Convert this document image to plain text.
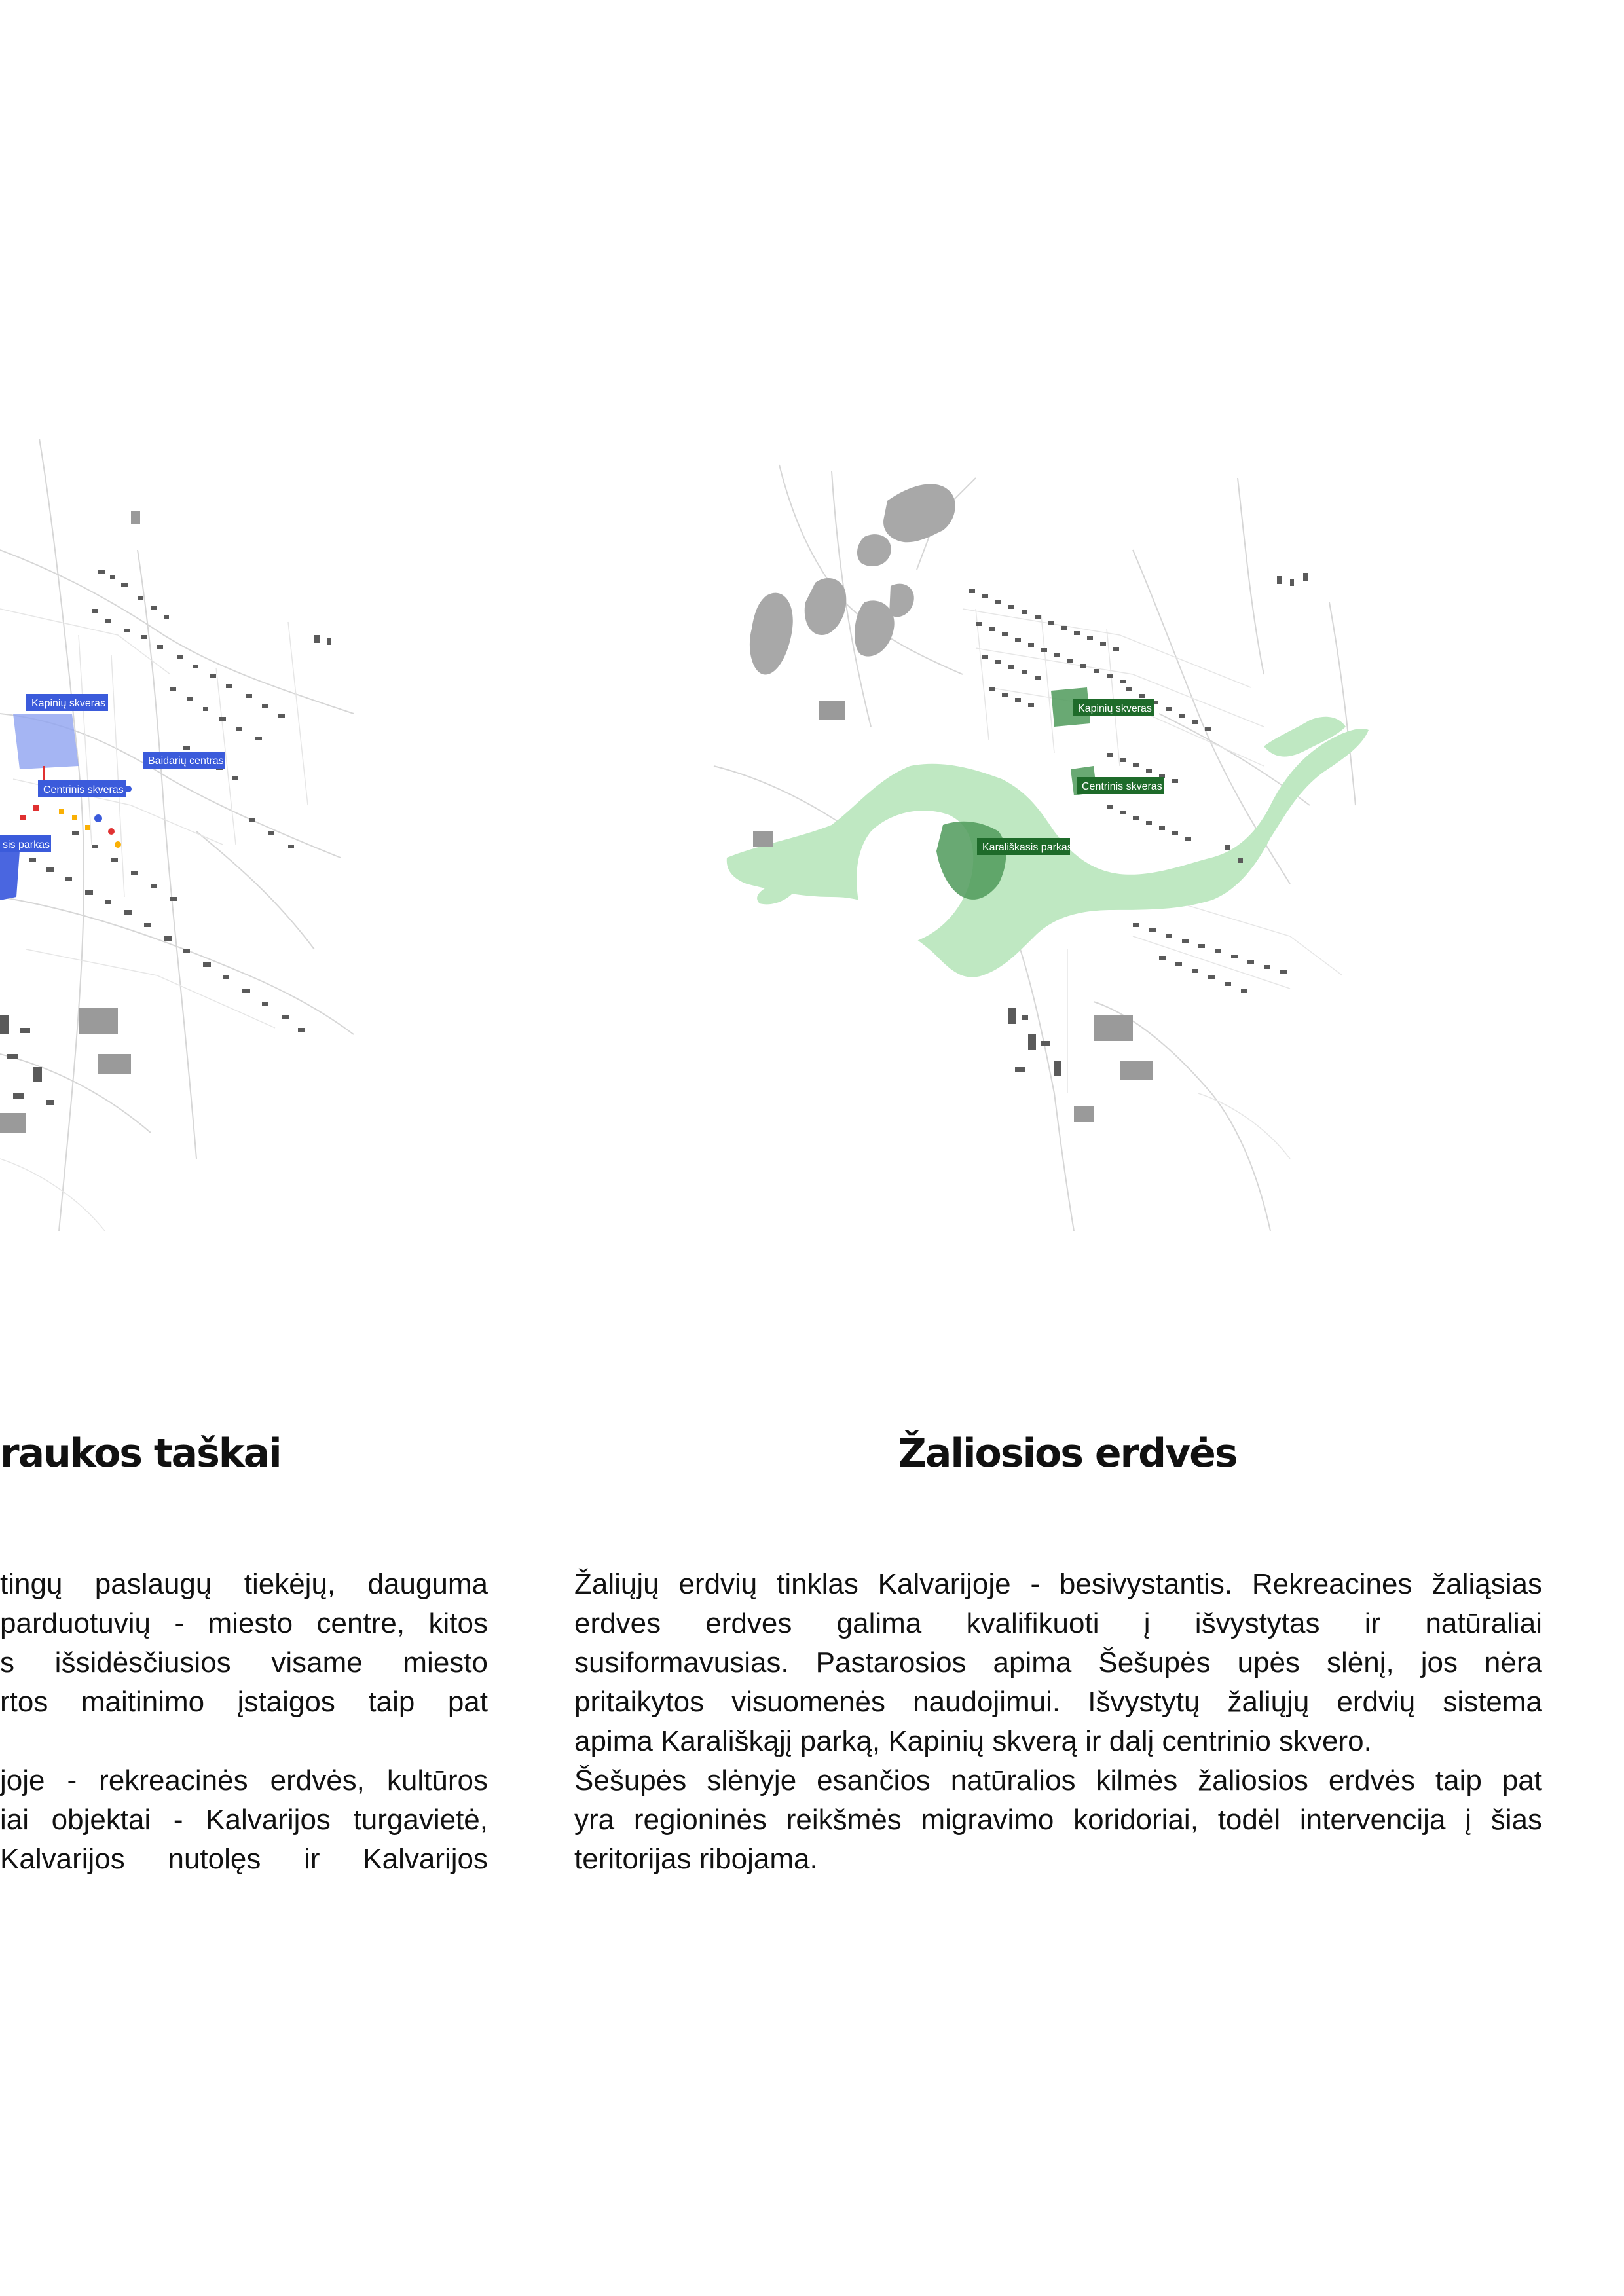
Kapinių skveras
Baidarių centras
Centrinis skveras
sis parkas
Kapinių skveras
Centrinis skveras
Karališkasis parkas
raukos taškai	Žaliosios erdvės
tingų paslaugų tiekėjų, dauguma
parduotuvių - miesto centre, kitos
s išsidėsčiusios visame miesto
rtos maitinimo įstaigos taip pat
joje - rekreacinės erdvės, kultūros
iai objektai - Kalvarijos turgavietė,
Kalvarijos nutolęs ir Kalvarijos
Žaliųjų erdvių tinklas Kalvarijoje - besivystantis. Rekreacines žaliąsias
erdves erdves galima kvalifikuoti į išvystytas ir natūraliai
susiformavusias. Pastarosios apima Šešupės upės slėnį, jos nėra
pritaikytos visuomenės naudojimui. Išvystytų žaliųjų erdvių sistema
apima Karališkąjį parką, Kapinių skverą ir dalį centrinio skvero.
Šešupės slėnyje esančios natūralios kilmės žaliosios erdvės taip pat
yra regioninės reikšmės migravimo koridoriai, todėl intervencija į šias
teritorijas ribojama.
